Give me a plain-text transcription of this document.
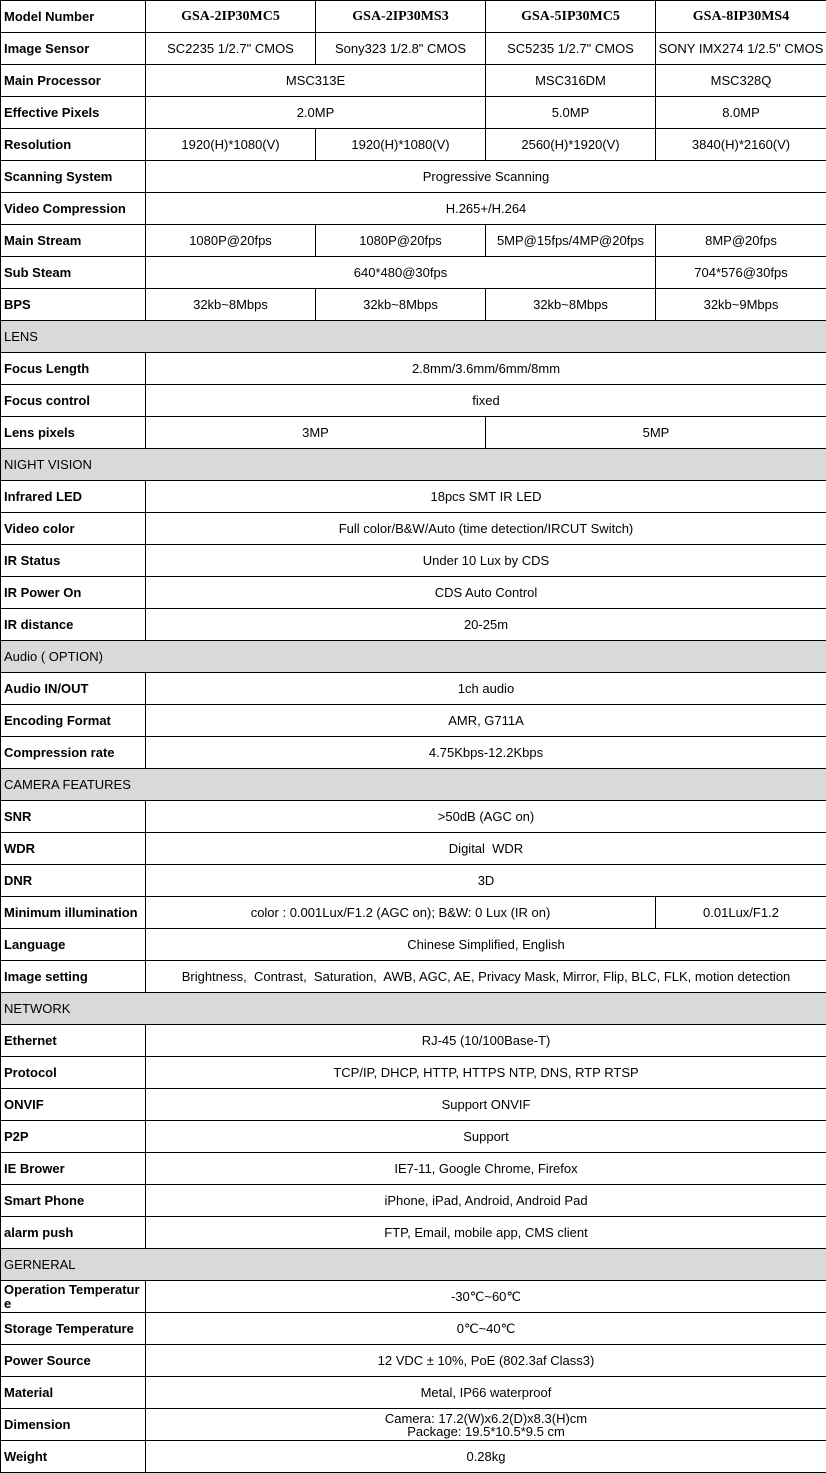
Model Number	GSA-2IP30MC5	GSA-2IP30MS3	GSA-5IP30MC5	GSA-8IP30MS4
Image Sensor	SC2235 1/2.7" CMOS	Sony323 1/2.8" CMOS	SC5235 1/2.7" CMOS	SONY IMX274 1/2.5" CMOS
Main Processor	MSC313E		MSC316DM	MSC328Q
Effective Pixels	2.0MP		5.0MP	8.0MP
Resolution	1920(H)*1080(V)	1920(H)*1080(V)	2560(H)*1920(V)	3840(H)*2160(V)
Scanning System	Progressive Scanning			
Video Compression	H.265+/H.264			
Main Stream	1080P@20fps	1080P@20fps	5MP@15fps/4MP@20fps	8MP@20fps
Sub Steam	640*480@30fps			704*576@30fps
BPS	32kb~8Mbps	32kb~8Mbps	32kb~8Mbps	32kb~9Mbps
LENS				
Focus Length	2.8mm/3.6mm/6mm/8mm			
Focus control	fixed			
Lens pixels	3MP		5MP	
NIGHT VISION				
Infrared LED	18pcs SMT IR LED			
Video color	Full color/B&W/Auto (time detection/IRCUT Switch)			
IR Status	Under 10 Lux by CDS			
IR Power On	CDS Auto Control			
IR distance	20-25m			
Audio ( OPTION)				
Audio IN/OUT	1ch audio			
Encoding Format	AMR, G711A			
Compression rate	4.75Kbps-12.2Kbps			
CAMERA FEATURES				
SNR	>50dB (AGC on)			
WDR	Digital  WDR			
DNR	3D			
Minimum illumination	color : 0.001Lux/F1.2 (AGC on); B&W: 0 Lux (IR on)			0.01Lux/F1.2
Language	Chinese Simplified, English			
Image setting	Brightness,  Contrast,  Saturation,  AWB, AGC, AE, Privacy Mask, Mirror, Flip, BLC, FLK, motion detection			
NETWORK				
Ethernet	RJ-45 (10/100Base-T)			
Protocol	TCP/IP, DHCP, HTTP, HTTPS NTP, DNS, RTP RTSP			
ONVIF	Support ONVIF			
P2P	Support			
IE Brower	IE7-11, Google Chrome, Firefox			
Smart Phone	iPhone, iPad, Android, Android Pad			
alarm push	FTP, Email, mobile app, CMS client			
GERNERAL				
Operation Temperature	-30℃~60℃			
Storage Temperature	0℃~40℃			
Power Source	12 VDC ± 10%, PoE (802.3af Class3)			
Material	Metal, IP66 waterproof			
Dimension	Camera: 17.2(W)x6.2(D)x8.3(H)cm
Package: 19.5*10.5*9.5 cm			

Weight	0.28kg			
